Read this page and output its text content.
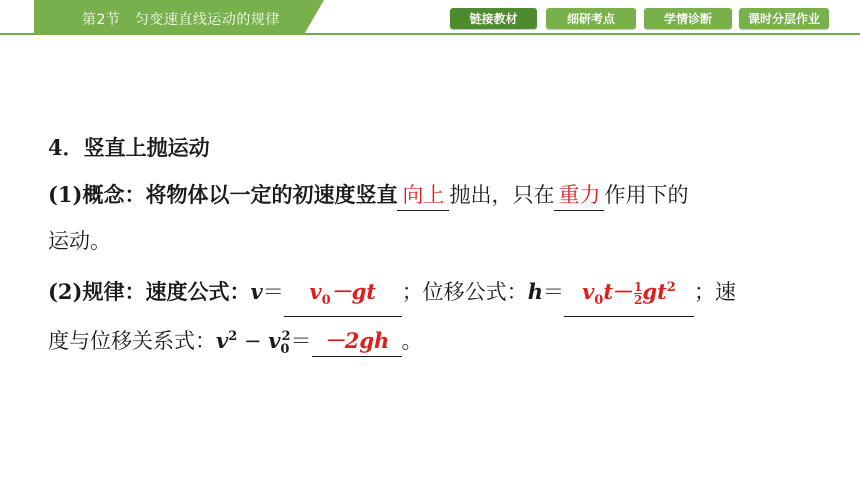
第2节　匀变速直线运动的规律	链接教材	细研考点	学情诊断	课时分层作业
4．竖直上抛运动
(1)概念：将物体以一定的初速度竖直 向上 抛出，只在 重力 作用下的
运动。
(2)规律：速度公式：$v= v_0-gt$ ；位移公式：$h= v_0t- \frac{1}{2} gt^2$ ；速
度与位移关系式：$v^2 - v_0^2= -2gh$ 。
